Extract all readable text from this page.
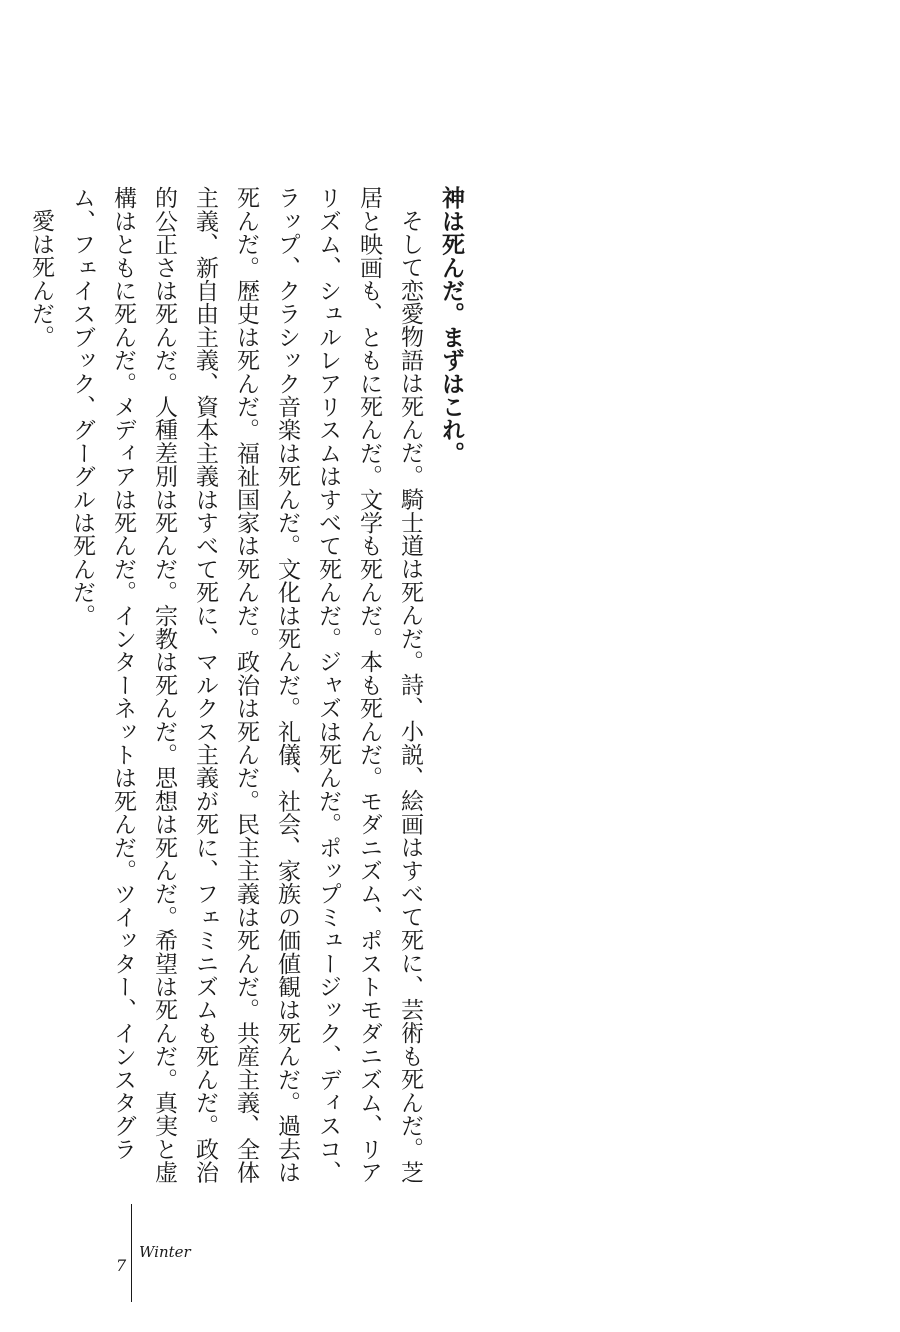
神は死んだ。まずはこれ。

そして恋愛物語は死んだ。騎士道は死んだ。詩、小説、絵画はすべて死に、芸術も死んだ。芝居と映画も、ともに死んだ。文学も死んだ。本も死んだ。モダニズム、ポストモダニズム、リアリズム、シュルレアリスムはすべて死んだ。ジャズは死んだ。ポップミュージック、ディスコ、ラップ、クラシック音楽は死んだ。文化は死んだ。礼儀、社会、家族の価値観は死んだ。過去は死んだ。歴史は死んだ。福祉国家は死んだ。政治は死んだ。民主主義は死んだ。共産主義、全体主義、新自由主義、資本主義はすべて死に、マルクス主義が死に、フェミニズムも死んだ。政治的公正さは死んだ。人種差別は死んだ。宗教は死んだ。思想は死んだ。希望は死んだ。真実と虚構はともに死んだ。メディアは死んだ。インターネットは死んだ。ツイッター、インスタグラム、フェイスブック、グーグルは死んだ。

愛は死んだ。

7
Winter
